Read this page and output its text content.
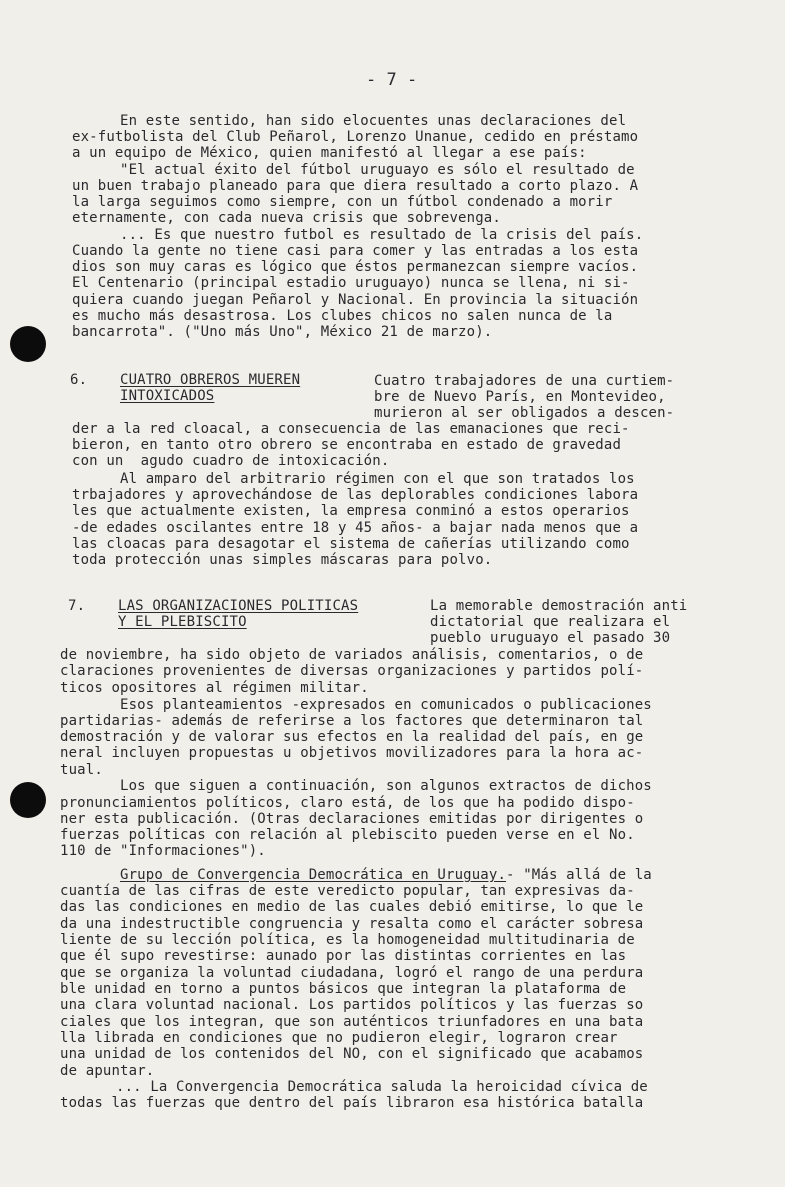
- 7 -
En este sentido, han sido elocuentes unas declaraciones del
ex-futbolista del Club Peñarol, Lorenzo Unanue, cedido en préstamo
a un equipo de México, quien manifestó al llegar a ese país:
"El actual éxito del fútbol uruguayo es sólo el resultado de
un buen trabajo planeado para que diera resultado a corto plazo. A
la larga seguimos como siempre, con un fútbol condenado a morir
eternamente, con cada nueva crisis que sobrevenga.
... Es que nuestro futbol es resultado de la crisis del país.
Cuando la gente no tiene casi para comer y las entradas a los esta
dios son muy caras es lógico que éstos permanezcan siempre vacíos.
El Centenario (principal estadio uruguayo) nunca se llena, ni si-
quiera cuando juegan Peñarol y Nacional. En provincia la situación
es mucho más desastrosa. Los clubes chicos no salen nunca de la
bancarrota". ("Uno más Uno", México 21 de marzo).
6. CUATRO OBREROS MUEREN
INTOXICADOS
Cuatro trabajadores de una curtiem-
bre de Nuevo París, en Montevideo,
murieron al ser obligados a descen-
der a la red cloacal, a consecuencia de las emanaciones que reci-
bieron, en tanto otro obrero se encontraba en estado de gravedad
con un  agudo cuadro de intoxicación.
Al amparo del arbitrario régimen con el que son tratados los
trbajadores y aprovechándose de las deplorables condiciones labora
les que actualmente existen, la empresa conminó a estos operarios
-de edades oscilantes entre 18 y 45 años- a bajar nada menos que a
las cloacas para desagotar el sistema de cañerías utilizando como
toda protección unas simples máscaras para polvo.
7. LAS ORGANIZACIONES POLITICAS
Y EL PLEBISCITO
La memorable demostración anti
dictatorial que realizara el
pueblo uruguayo el pasado 30
de noviembre, ha sido objeto de variados análisis, comentarios, o de
claraciones provenientes de diversas organizaciones y partidos polí-
ticos opositores al régimen militar.
Esos planteamientos -expresados en comunicados o publicaciones
partidarias- además de referirse a los factores que determinaron tal
demostración y de valorar sus efectos en la realidad del país, en ge
neral incluyen propuestas u objetivos movilizadores para la hora ac-
tual.
Los que siguen a continuación, son algunos extractos de dichos
pronunciamientos políticos, claro está, de los que ha podido dispo-
ner esta publicación. (Otras declaraciones emitidas por dirigentes o
fuerzas políticas con relación al plebiscito pueden verse en el No.
110 de "Informaciones").
Grupo de Convergencia Democrática en Uruguay. - "Más allá de la
cuantía de las cifras de este veredicto popular, tan expresivas da-
das las condiciones en medio de las cuales debió emitirse, lo que le
da una indestructible congruencia y resalta como el carácter sobresa
liente de su lección política, es la homogeneidad multitudinaria de
que él supo revestirse: aunado por las distintas corrientes en las
que se organiza la voluntad ciudadana, logró el rango de una perdura
ble unidad en torno a puntos básicos que integran la plataforma de
una clara voluntad nacional. Los partidos políticos y las fuerzas so
ciales que los integran, que son auténticos triunfadores en una bata
lla librada en condiciones que no pudieron elegir, lograron crear
una unidad de los contenidos del NO, con el significado que acabamos
de apuntar.
... La Convergencia Democrática saluda la heroicidad cívica de
todas las fuerzas que dentro del país libraron esa histórica batalla
